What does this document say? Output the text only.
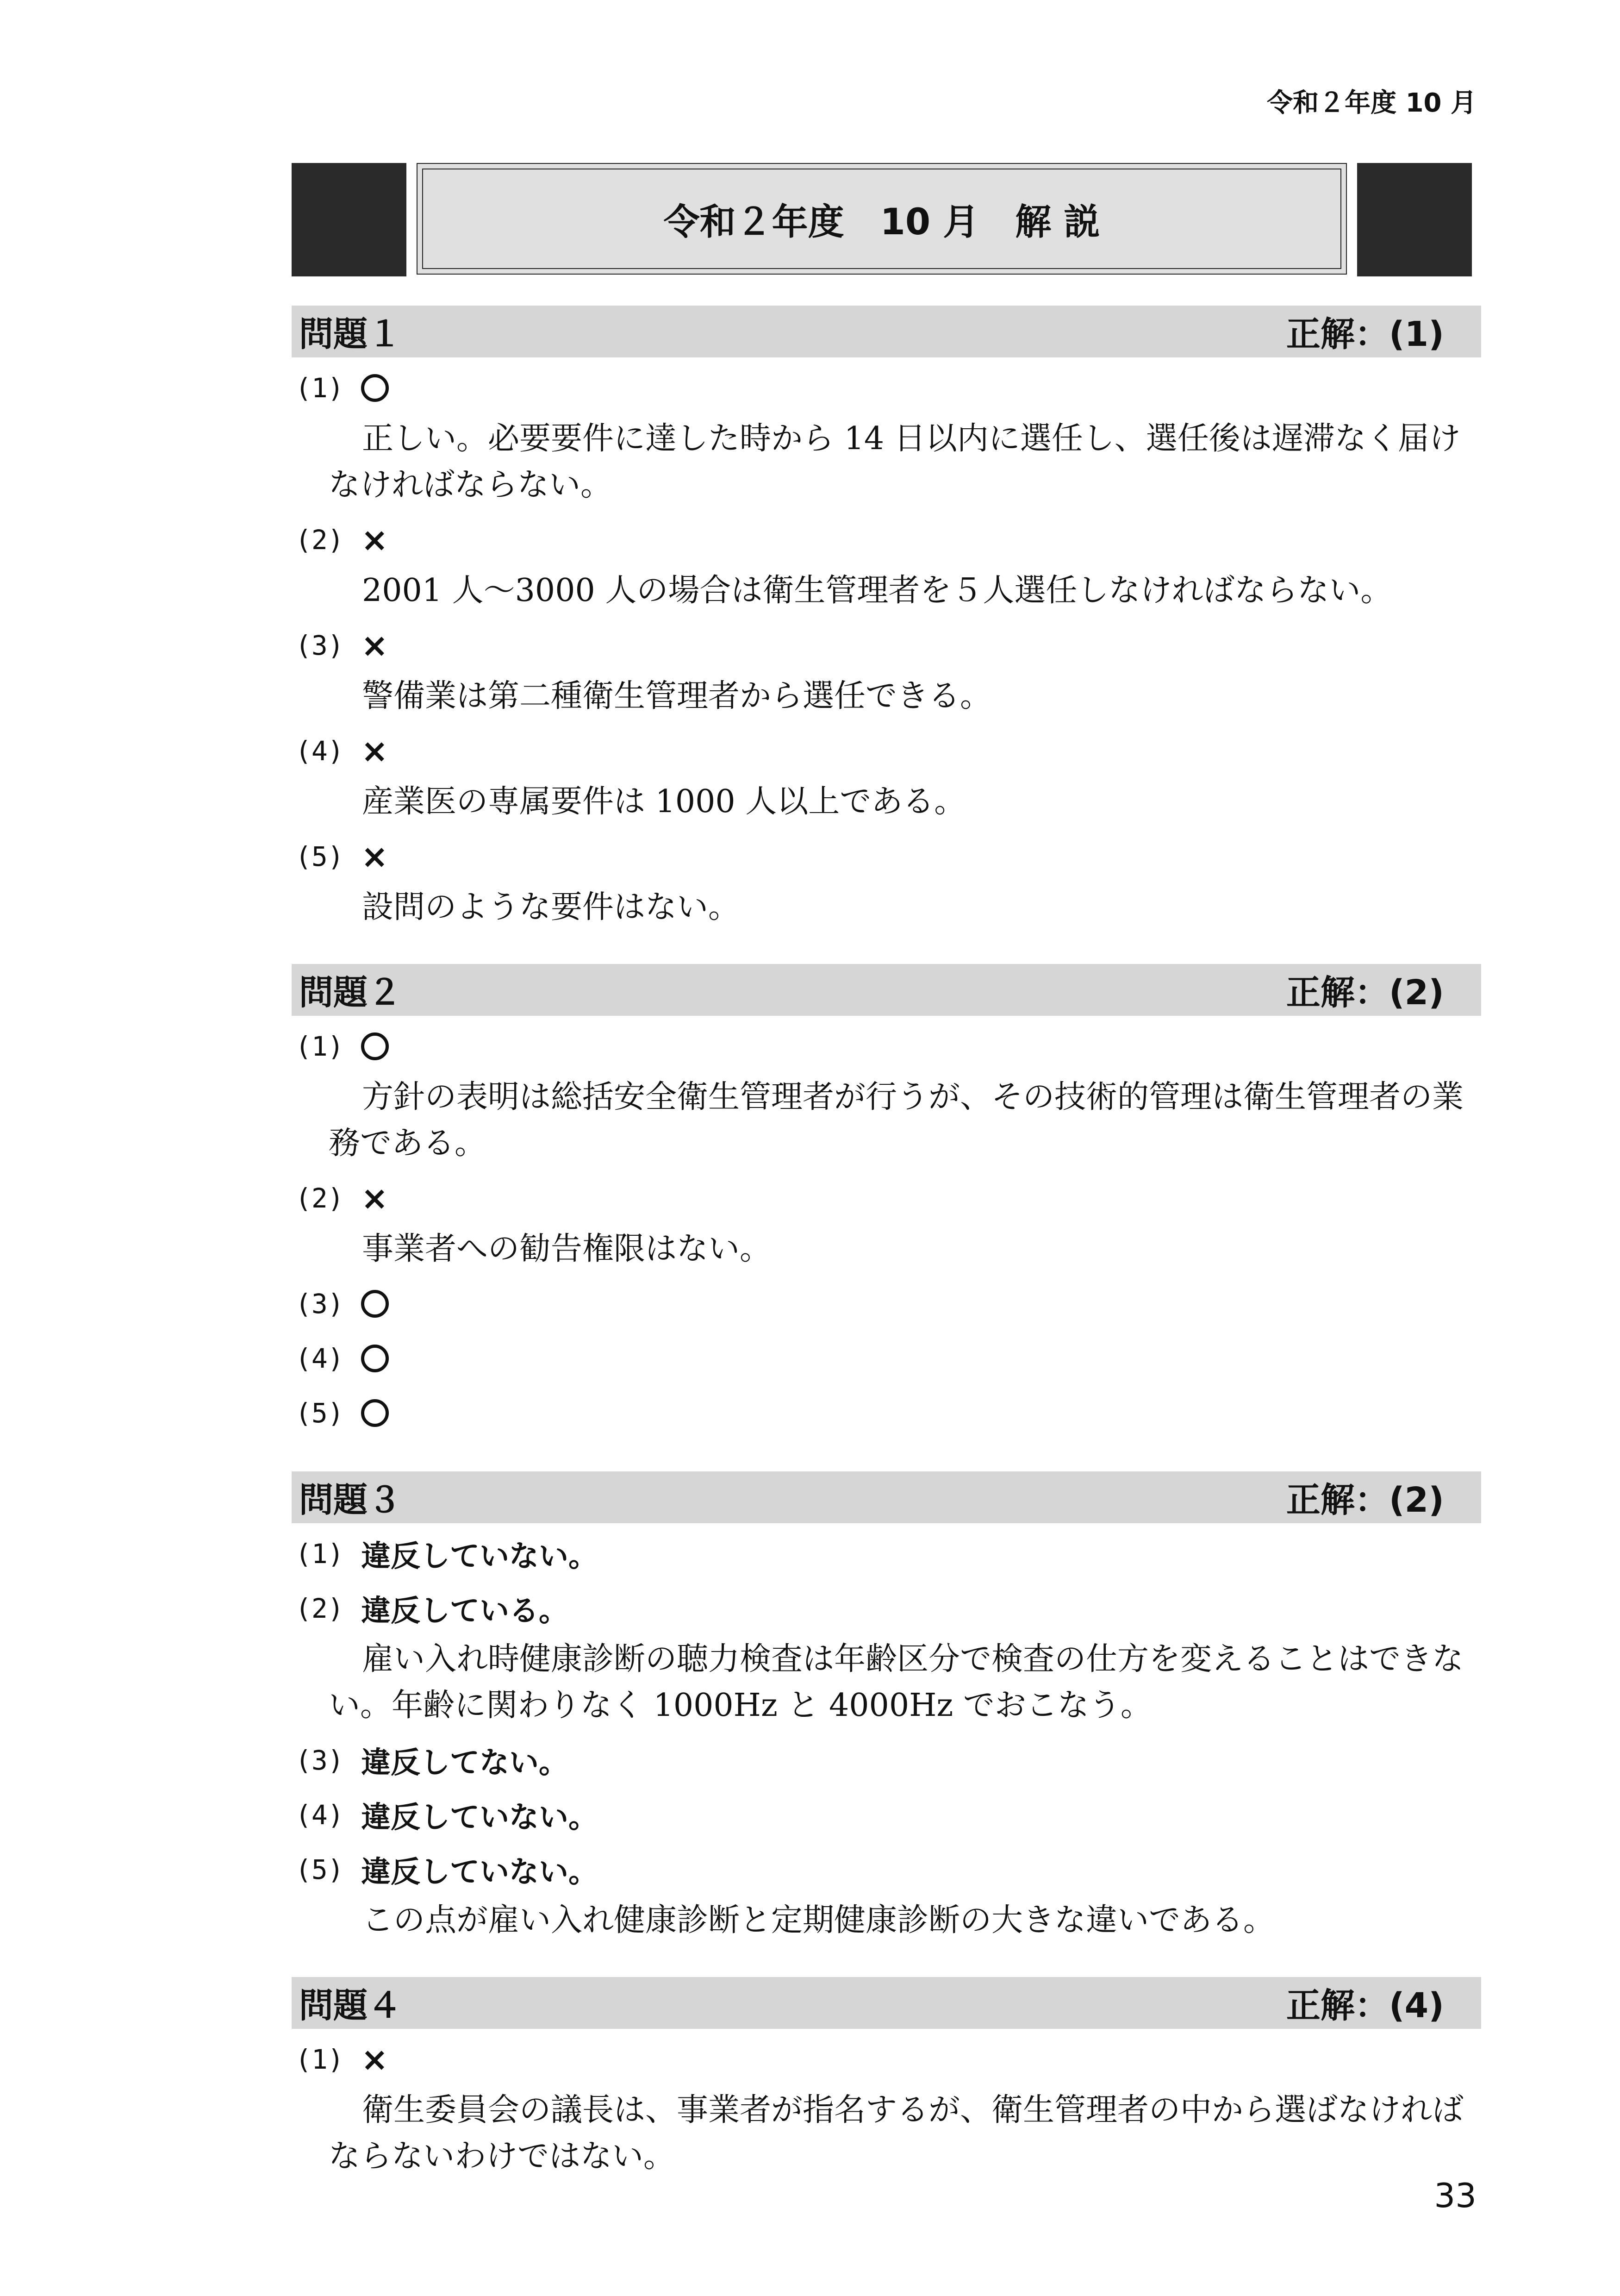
令和２年度 10 月
令和２年度　10 月　解 説
問題１	正解：(1)
(1)
正しい。必要要件に達した時から 14 日以内に選任し、選任後は遅滞なく届けなければならない。
(2) ×
2001 人～3000 人の場合は衛生管理者を５人選任しなければならない。
(3) ×
警備業は第二種衛生管理者から選任できる。
(4) ×
産業医の専属要件は 1000 人以上である。
(5) ×
設問のような要件はない。
問題２	正解：(2)
(1)
方針の表明は総括安全衛生管理者が行うが、その技術的管理は衛生管理者の業務である。
(2) ×
事業者への勧告権限はない。
(3)
(4)
(5)
問題３	正解：(2)
(1) 違反していない。
(2) 違反している。
雇い入れ時健康診断の聴力検査は年齢区分で検査の仕方を変えることはできない。年齢に関わりなく 1000Hz と 4000Hz でおこなう。
(3) 違反してない。
(4) 違反していない。
(5) 違反していない。
この点が雇い入れ健康診断と定期健康診断の大きな違いである。
問題４	正解：(4)
(1) ×
衛生委員会の議長は、事業者が指名するが、衛生管理者の中から選ばなければならないわけではない。
33
